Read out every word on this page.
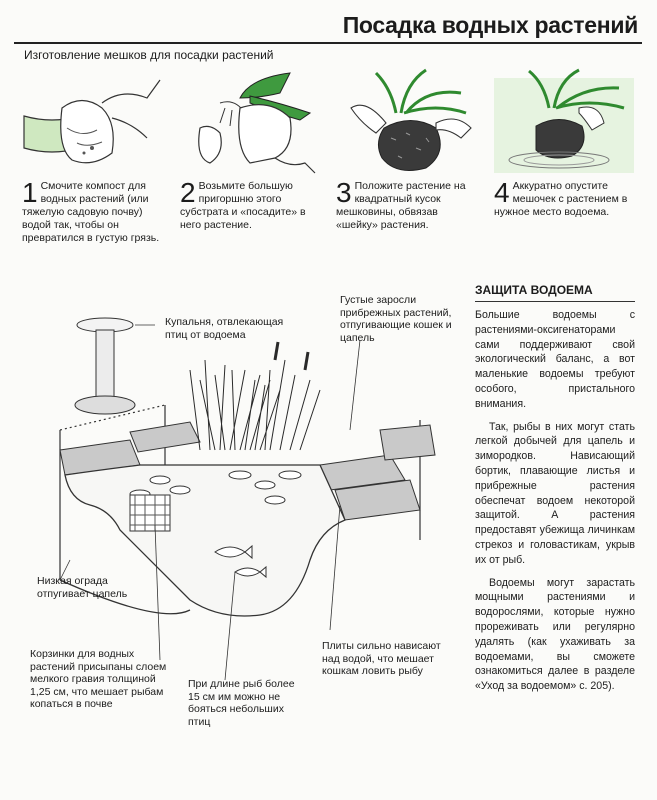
Посадка водных растений
Изготовление мешков для посадки растений
1 Смочите компост для водных растений (или тяжелую садовую почву) водой так, чтобы он превратился в густую грязь.
2 Возьмите большую пригоршню этого субстрата и «посадите» в него растение.
3 Положите растение на квадратный кусок мешковины, обвязав «шейку» растения.
4 Аккуратно опустите мешочек с растением в нужное место водоема.
Купальня, отвлекающая птиц от водоема
Густые заросли прибрежных растений, отпугивающие кошек и цапель
Низкая ограда отпугивает цапель
Корзинки для водных растений присыпаны слоем мелкого гравия толщиной 1,25 см, что мешает рыбам копаться в почве
При длине рыб более 15 см им можно не бояться небольших птиц
Плиты сильно нависают над водой, что мешает кошкам ловить рыбу
ЗАЩИТА ВОДОЕМА

Большие водоемы с растениями-оксигенаторами сами поддерживают свой экологический баланс, а вот маленькие водоемы требуют особого, пристального внимания.

Так, рыбы в них могут стать легкой добычей для цапель и зимородков. Нависающий бортик, плавающие листья и прибрежные растения обеспечат водоем некоторой защитой. А растения предоставят убежища личинкам стрекоз и головастикам, укрыв их от рыб.

Водоемы могут зарастать мощными растениями и водорослями, которые нужно прореживать или регулярно удалять (как ухаживать за водоемами, вы сможете ознакомиться далее в разделе «Уход за водоемом» с. 205).
